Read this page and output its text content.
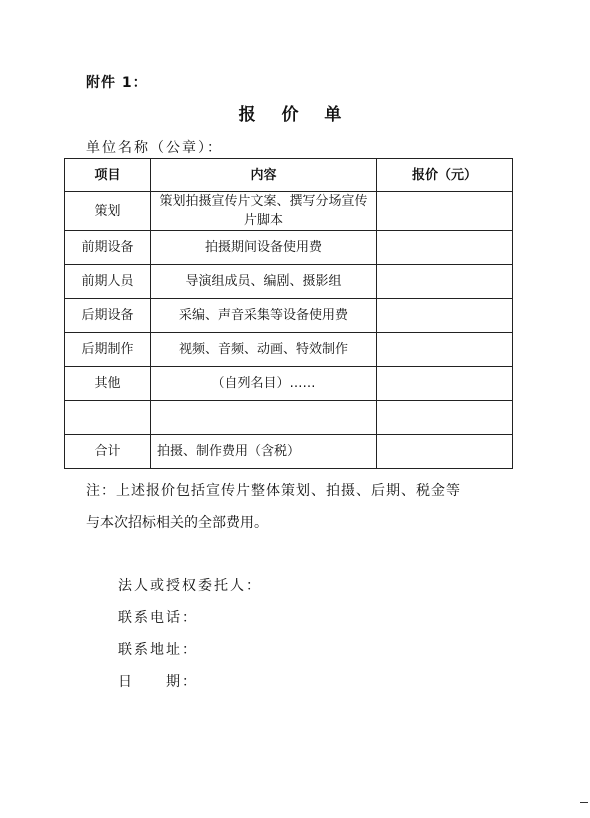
附件 1：
报 价 单
单位名称（公章）：
项目	内容	报价（元）
策划	策划拍摄宣传片文案、撰写分场宣传片脚本	
前期设备	拍摄期间设备使用费	
前期人员	导演组成员、编剧、摄影组	
后期设备	采编、声音采集等设备使用费	
后期制作	视频、音频、动画、特效制作	
其他	（自列名目）……	

合计	拍摄、制作费用（含税）	
注：上述报价包括宣传片整体策划、拍摄、后期、税金等
与本次招标相关的全部费用。
法人或授权委托人：
联系电话：
联系地址：
日　　期：
